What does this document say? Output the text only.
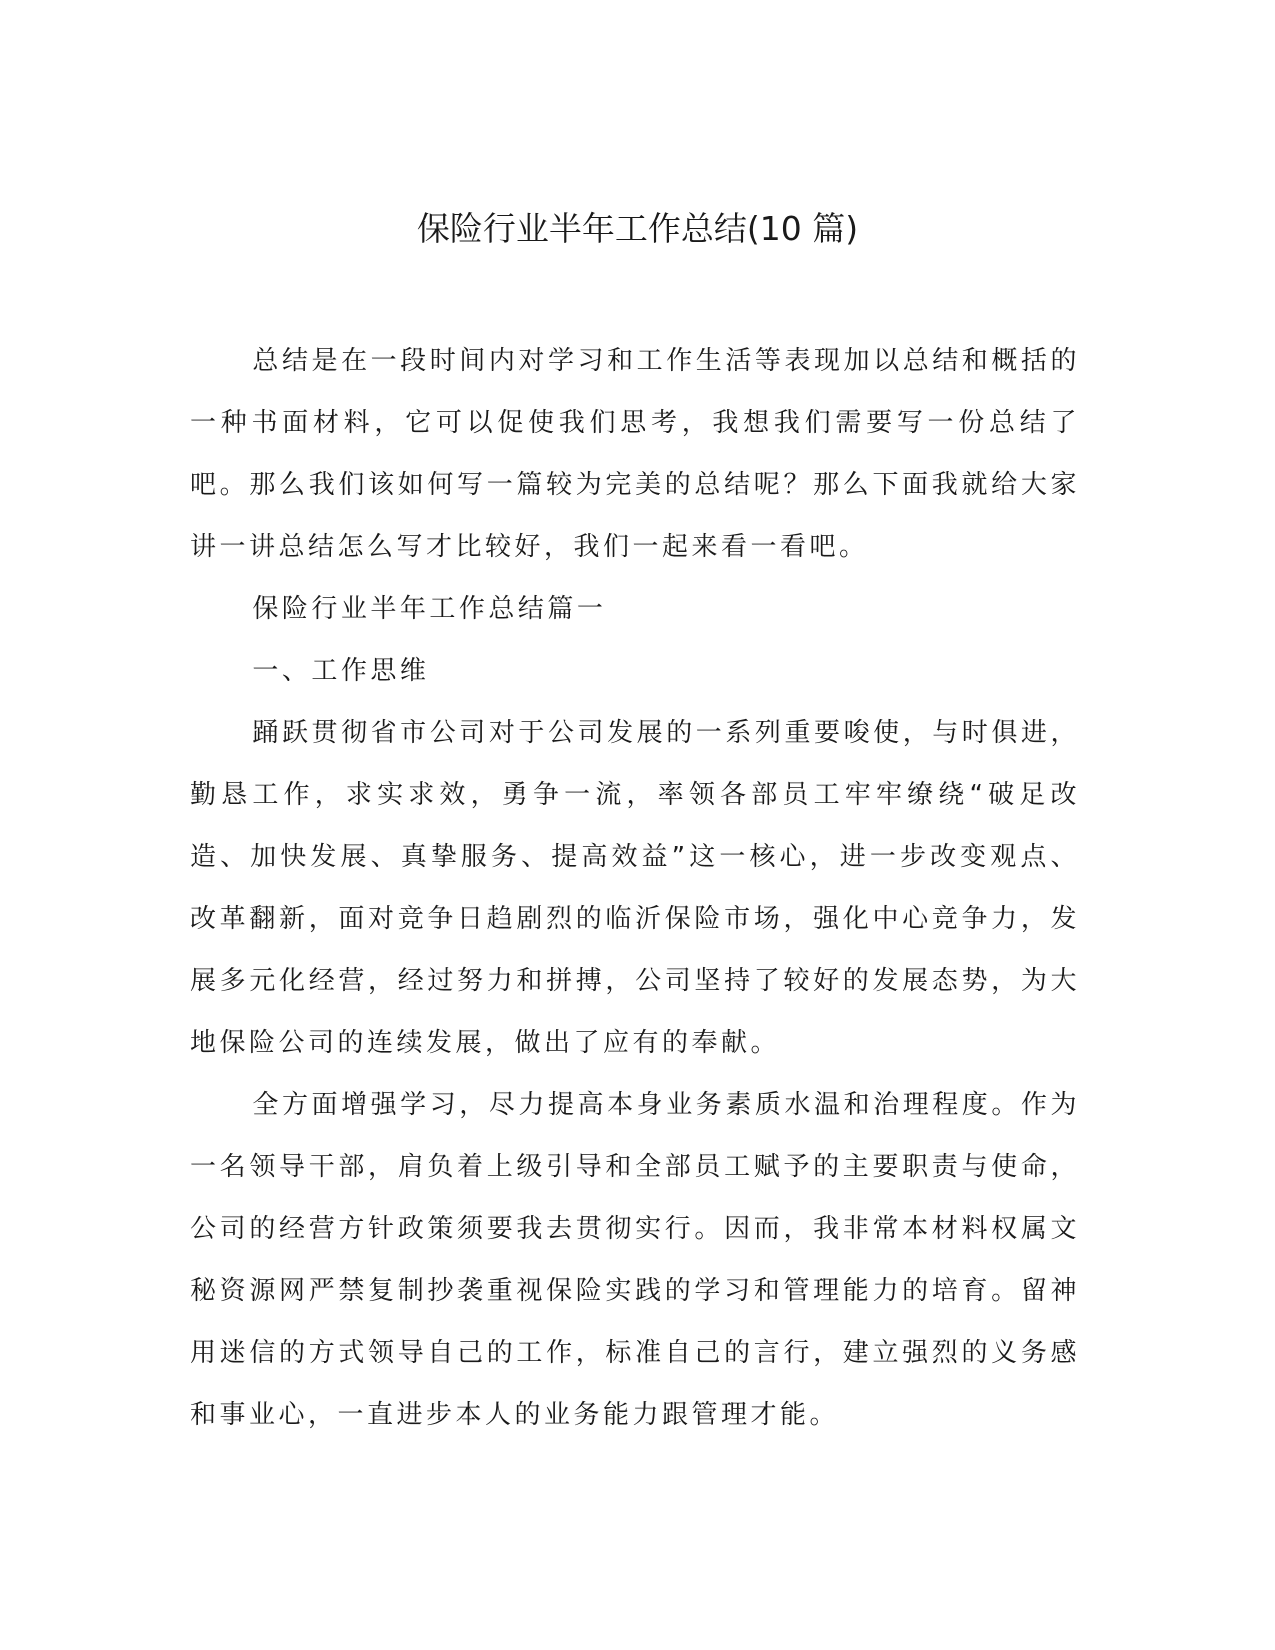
保险行业半年工作总结(10 篇)

总结是在一段时间内对学习和工作生活等表现加以总结和概括的一种书面材料，它可以促使我们思考，我想我们需要写一份总结了吧。那么我们该如何写一篇较为完美的总结呢？那么下面我就给大家讲一讲总结怎么写才比较好，我们一起来看一看吧。

保险行业半年工作总结篇一

一、工作思维

踊跃贯彻省市公司对于公司发展的一系列重要唆使，与时俱进，勤恳工作，求实求效，勇争一流，率领各部员工牢牢缭绕“破足改造、加快发展、真挚服务、提高效益”这一核心，进一步改变观点、改革翻新，面对竞争日趋剧烈的临沂保险市场，强化中心竞争力，发展多元化经营，经过努力和拼搏，公司坚持了较好的发展态势，为大地保险公司的连续发展，做出了应有的奉献。

全方面增强学习，尽力提高本身业务素质水温和治理程度。作为一名领导干部，肩负着上级引导和全部员工赋予的主要职责与使命，公司的经营方针政策须要我去贯彻实行。因而，我非常本材料权属文秘资源网严禁复制抄袭重视保险实践的学习和管理能力的培育。留神用迷信的方式领导自己的工作，标准自己的言行，建立强烈的义务感和事业心，一直进步本人的业务能力跟管理才能。
